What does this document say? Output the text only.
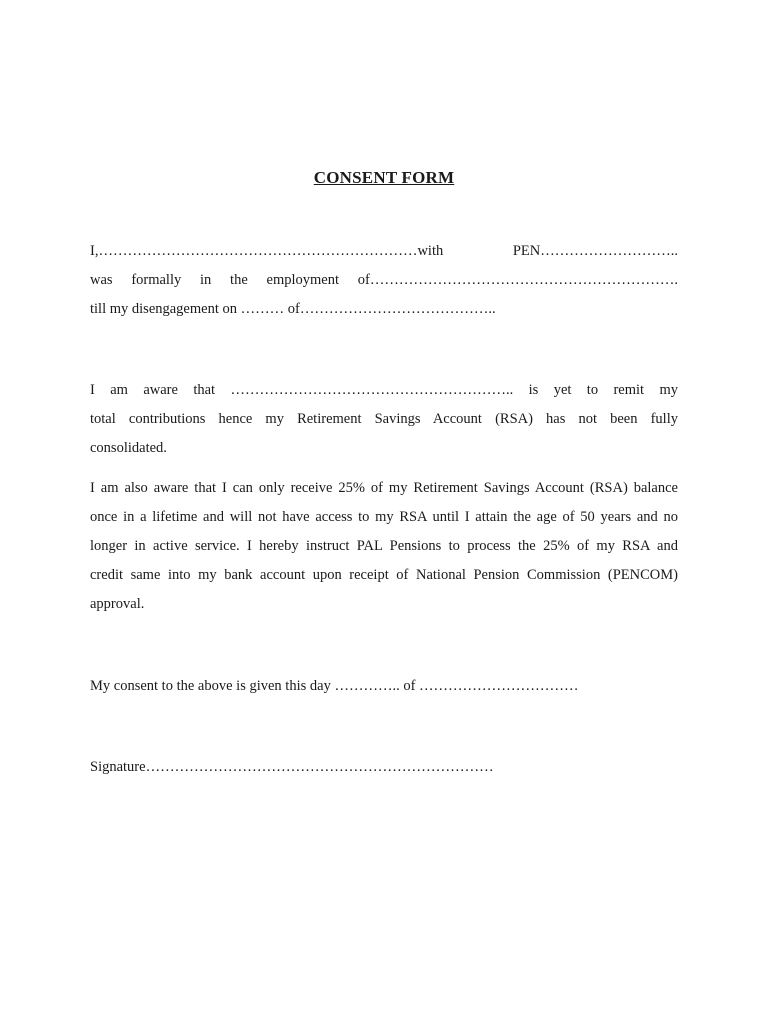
CONSENT FORM
I,…………………………………………………………with PEN………………………..
was formally in the employment of……………………………………………………….
till my disengagement on ……… of…………………………………..
I am aware that ………………………………………………….. is yet to remit my
total contributions hence my Retirement Savings Account (RSA) has not been fully
consolidated.
I am also aware that I can only receive 25% of my Retirement Savings Account (RSA) balance
once in a lifetime and will not have access to my RSA until I attain the age of 50 years and no
longer in active service. I hereby instruct PAL Pensions to process the 25% of my RSA and
credit same into my bank account upon receipt of National Pension Commission (PENCOM)
approval.
My consent to the above is given this day ………….. of ……………………………
Signature………………………………………………………………
